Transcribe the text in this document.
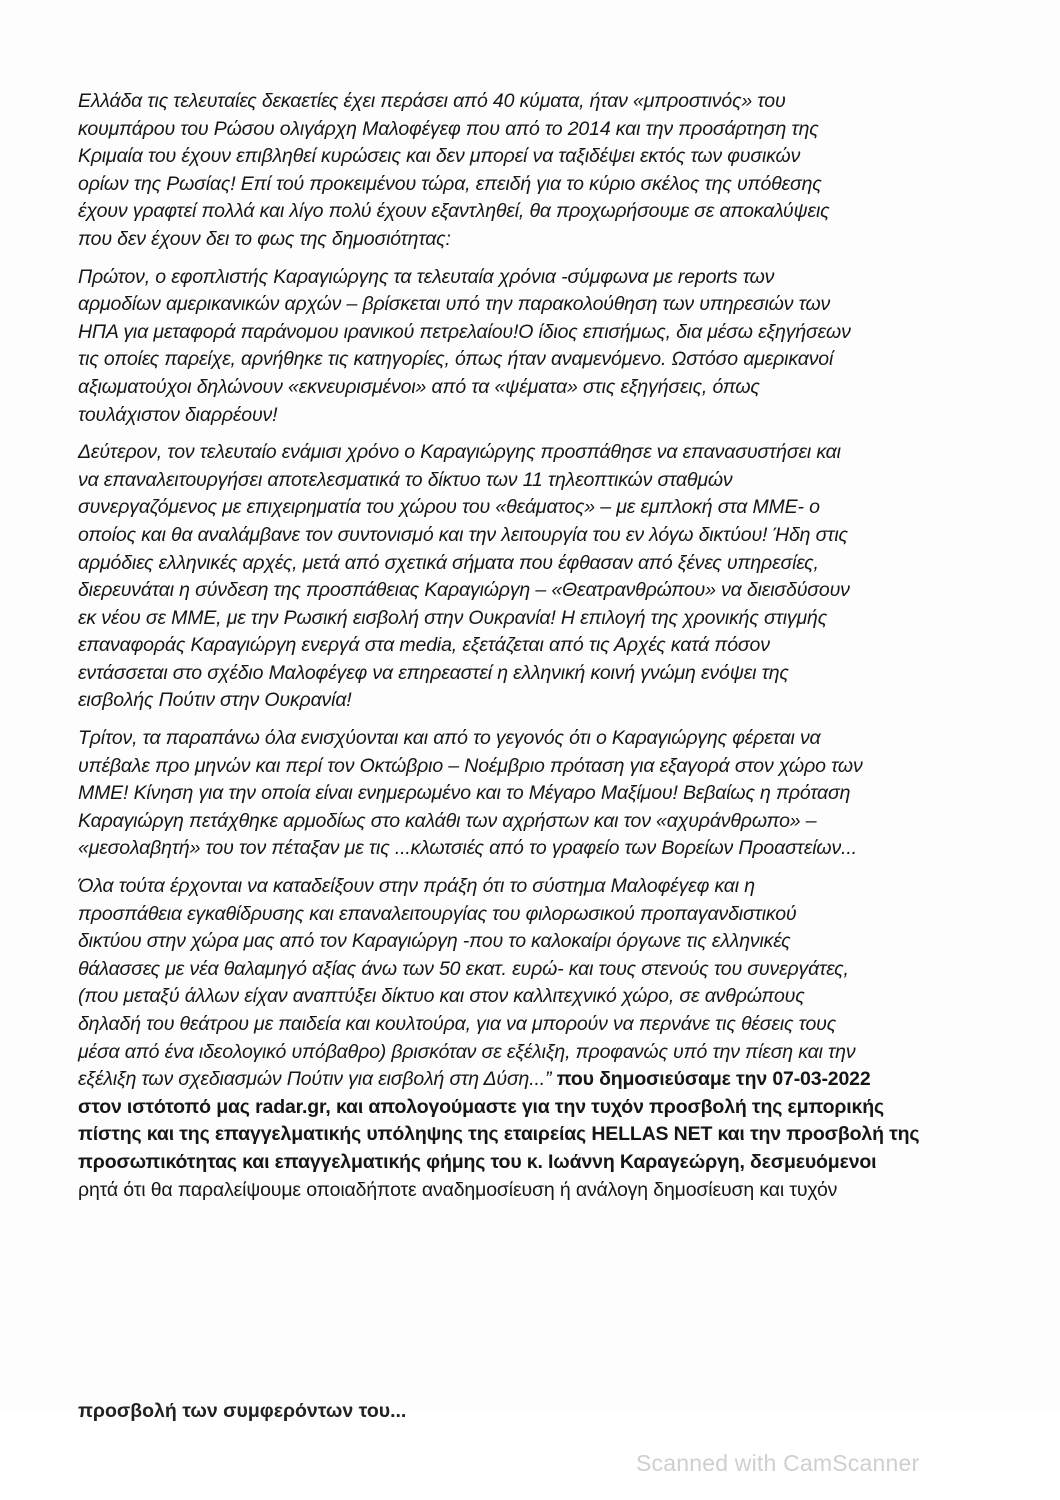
Ελλάδα τις τελευταίες δεκαετίες έχει περάσει από 40 κύματα, ήταν «μπροστινός» του
κουμπάρου του Ρώσου ολιγάρχη Μαλοφέγεφ που από το 2014 και την προσάρτηση της
Κριμαία του έχουν επιβληθεί κυρώσεις και δεν μπορεί να ταξιδέψει εκτός των φυσικών
ορίων της Ρωσίας! Επί τού προκειμένου τώρα, επειδή για το κύριο σκέλος της υπόθεσης
έχουν γραφτεί πολλά και λίγο πολύ έχουν εξαντληθεί, θα προχωρήσουμε σε αποκαλύψεις
που δεν έχουν δει το φως της δημοσιότητας:
Πρώτον, ο εφοπλιστής Καραγιώργης τα τελευταία χρόνια -σύμφωνα με reports των
αρμοδίων αμερικανικών αρχών – βρίσκεται υπό την παρακολούθηση των υπηρεσιών των
ΗΠΑ για μεταφορά παράνομου ιρανικού πετρελαίου!Ο ίδιος επισήμως, δια μέσω εξηγήσεων
τις οποίες παρείχε, αρνήθηκε τις κατηγορίες, όπως ήταν αναμενόμενο. Ωστόσο αμερικανοί
αξιωματούχοι δηλώνουν «εκνευρισμένοι» από τα «ψέματα» στις εξηγήσεις, όπως
τουλάχιστον διαρρέουν!
Δεύτερον, τον τελευταίο ενάμισι χρόνο ο Καραγιώργης προσπάθησε να επανασυστήσει και
να επαναλειτουργήσει αποτελεσματικά το δίκτυο των 11 τηλεοπτικών σταθμών
συνεργαζόμενος με επιχειρηματία του χώρου του «θεάματος» – με εμπλοκή στα ΜΜΕ- ο
οποίος και θα αναλάμβανε τον συντονισμό και την λειτουργία του εν λόγω δικτύου! Ήδη στις
αρμόδιες ελληνικές αρχές, μετά από σχετικά σήματα που έφθασαν από ξένες υπηρεσίες,
διερευνάται η σύνδεση της προσπάθειας Καραγιώργη – «Θεατρανθρώπου» να διεισδύσουν
εκ νέου σε ΜΜΕ, με την Ρωσική εισβολή στην Ουκρανία! Η επιλογή της χρονικής στιγμής
επαναφοράς Καραγιώργη ενεργά στα media, εξετάζεται από τις Αρχές κατά πόσον
εντάσσεται στο σχέδιο Μαλοφέγεφ να επηρεαστεί η ελληνική κοινή γνώμη ενόψει της
εισβολής Πούτιν στην Ουκρανία!
Τρίτον, τα παραπάνω όλα ενισχύονται και από το γεγονός ότι ο Καραγιώργης φέρεται να
υπέβαλε προ μηνών και περί τον Οκτώβριο – Νοέμβριο πρόταση για εξαγορά στον χώρο των
ΜΜΕ! Κίνηση για την οποία είναι ενημερωμένο και το Μέγαρο Μαξίμου! Βεβαίως η πρόταση
Καραγιώργη πετάχθηκε αρμοδίως στο καλάθι των αχρήστων και τον «αχυράνθρωπο» –
«μεσολαβητή» του τον πέταξαν με τις ...κλωτσιές από το γραφείο των Βορείων Προαστείων...
Όλα τούτα έρχονται να καταδείξουν στην πράξη ότι το σύστημα Μαλοφέγεφ και η
προσπάθεια εγκαθίδρυσης και επαναλειτουργίας του φιλορωσικού προπαγανδιστικού
δικτύου στην χώρα μας από τον Καραγιώργη -που το καλοκαίρι όργωνε τις ελληνικές
θάλασσες με νέα θαλαμηγό αξίας άνω των 50 εκατ. ευρώ- και τους στενούς του συνεργάτες,
(που μεταξύ άλλων είχαν αναπτύξει δίκτυο και στον καλλιτεχνικό χώρο, σε ανθρώπους
δηλαδή του θεάτρου με παιδεία και κουλτούρα, για να μπορούν να περνάνε τις θέσεις τους
μέσα από ένα ιδεολογικό υπόβαθρο) βρισκόταν σε εξέλιξη, προφανώς υπό την πίεση και την
εξέλιξη των σχεδιασμών Πούτιν για εισβολή στη Δύση...” που δημοσιεύσαμε την 07-03-2022
στον ιστότοπό μας radar.gr, και απολογούμαστε για την τυχόν προσβολή της εμπορικής
πίστης και της επαγγελματικής υπόληψης της εταιρείας HELLAS NET και την προσβολή της
προσωπικότητας και επαγγελματικής φήμης του κ. Ιωάννη Καραγεώργη, δεσμευόμενοι
ρητά ότι θα παραλείψουμε οποιαδήποτε αναδημοσίευση ή ανάλογη δημοσίευση και τυχόν
προσβολή των συμφερόντων του...
Scanned with CamScanner
